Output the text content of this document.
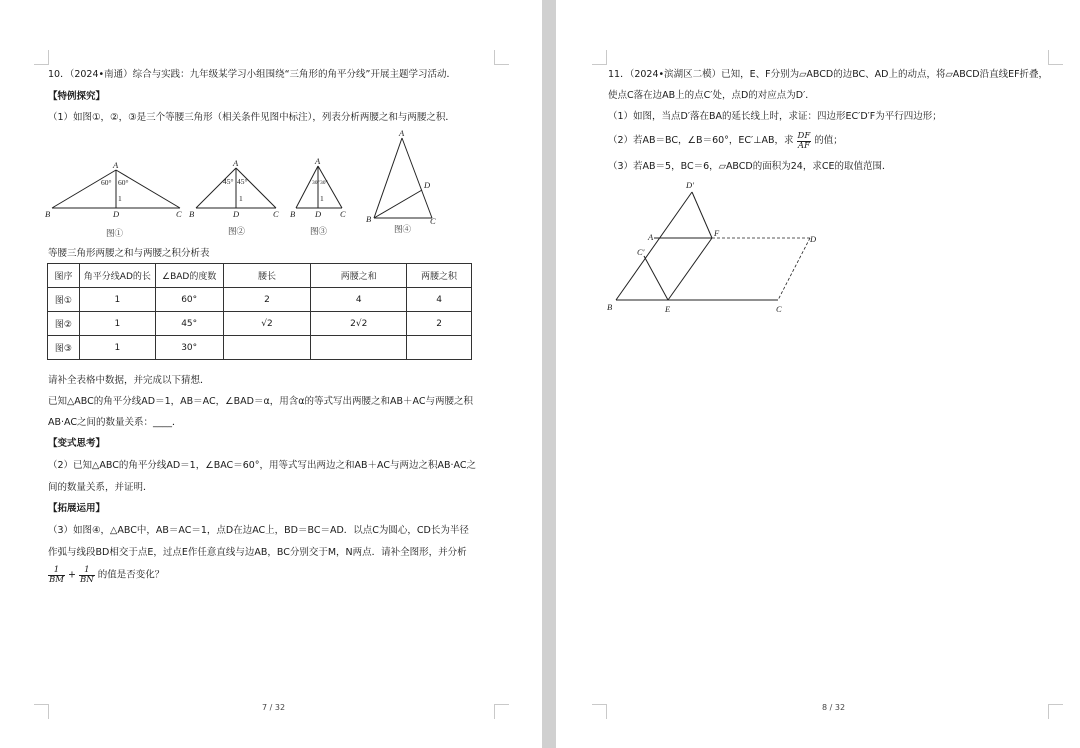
10．（2024•南通）综合与实践：九年级某学习小组围绕“三角形的角平分线”开展主题学习活动．
【特例探究】
（1）如图①，②，③是三个等腰三角形（相关条件见图中标注），列表分析两腰之和与两腰之积．
B
A
D	C B
A
D	C B
A
D C
A
B
D
C
60° 60°
1
45° 45°
1
30° 30°
1
图①	图②	图③	图④
等腰三角形两腰之和与两腰之积分析表
图序	角平分线AD的长	∠BAD的度数	腰长	两腰之和	两腰之积
图①	1	60°	2	4	4
图②	1	45°	√2	2√2	2
图③	1	30°			
请补全表格中数据，并完成以下猜想．
已知△ABC的角平分线AD＝1，AB＝AC，∠BAD＝α，用含α的等式写出两腰之和AB＋AC与两腰之积
AB·AC之间的数量关系：____．
【变式思考】
（2）已知△ABC的角平分线AD＝1，∠BAC＝60°，用等式写出两边之和AB＋AC与两边之积AB·AC之
间的数量关系，并证明．
【拓展运用】
（3）如图④，△ABC中，AB＝AC＝1，点D在边AC上，BD＝BC＝AD．以点C为圆心，CD长为半径
作弧与线段BD相交于点E，过点E作任意直线与边AB，BC分别交于M，N两点．请补全图形，并分析
$\frac{1}{BM} + \frac{1}{BN}$ 的值是否变化？
7 / 32
11．（2024•滨湖区二模）已知，E、F分别为▱ABCD的边BC、AD上的动点，将▱ABCD沿直线EF折叠，
使点C落在边AB上的点C′处，点D的对应点为D′．
（1）如图，当点D′落在BA的延长线上时，求证：四边形EC′D′F为平行四边形；
（2）若AB＝BC，∠B＝60°，EC′⊥AB，求 $\frac{DF}{AF}$ 的值；
（3）若AB＝5，BC＝6，▱ABCD的面积为24，求CE的取值范围．
D′
A	F
D
C′
B	E	C
8 / 32
